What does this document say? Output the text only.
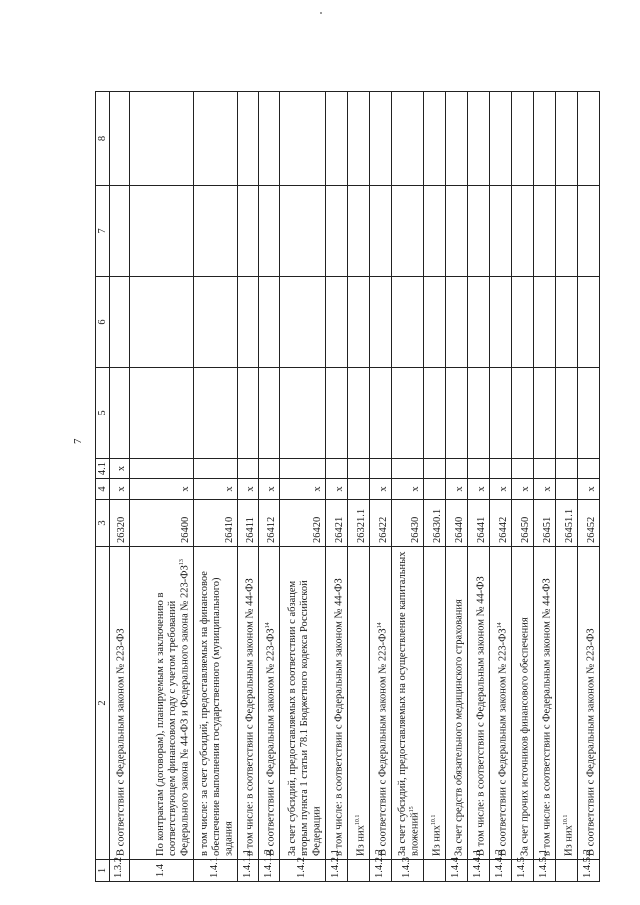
7
1	2	3	4	4.1	5	6	7	8
1.3.2	В соответствии с Федеральным законом № 223-ФЗ	26320	x	x				
1.4	По контрактам (договорам), планируемым к заключению в соответствующем финансовом году с учетом требований Федерального закона № 44-ФЗ и Федерального закона № 223-ФЗ$^{13}$	26400	x					
1.4.1	в том числе: за счет субсидий, предоставляемых на финансовое обеспечение выполнения государственного (муниципального) задания	26410	x					
1.4.1.1	в том числе: в соответствии с Федеральным законом № 44-ФЗ	26411	x					
1.4.1.2	В соответствии с Федеральным законом № 223-ФЗ$^{14}$	26412	x					
1.4.2	За счет субсидий, предоставляемых в соответствии с абзацем вторым пункта 1 статьи 78.1 Бюджетного кодекса Российской Федерации	26420	x					
1.4.2.1	в том числе: в соответствии с Федеральным законом № 44-ФЗ	26421	x					
	Из них$^{10.1}$	26321.1						
1.4.2.2	В соответствии с Федеральным законом № 223-ФЗ$^{14}$	26422	x					
1.4.3	За счет субсидий, предоставляемых на осуществление капитальных вложений$^{15}$	26430	x					
	Из них$^{10.1}$	26430.1						
1.4.4	За счет средств обязательного медицинского страхования	26440	x					
1.4.4.1	В том числе: в соответствии с Федеральным законом № 44-ФЗ	26441	x					
1.4.4.2	В соответствии с Федеральным законом № 223-ФЗ$^{14}$	26442	x					
1.4.5	За счет прочих источников финансового обеспечения	26450	x					
1.4.5.1	в том числе: в соответствии с Федеральным законом № 44-ФЗ	26451	x					
	Из них$^{10.1}$	26451.1						
1.4.5.2	В соответствии с Федеральным законом № 223-ФЗ	26452	x					
